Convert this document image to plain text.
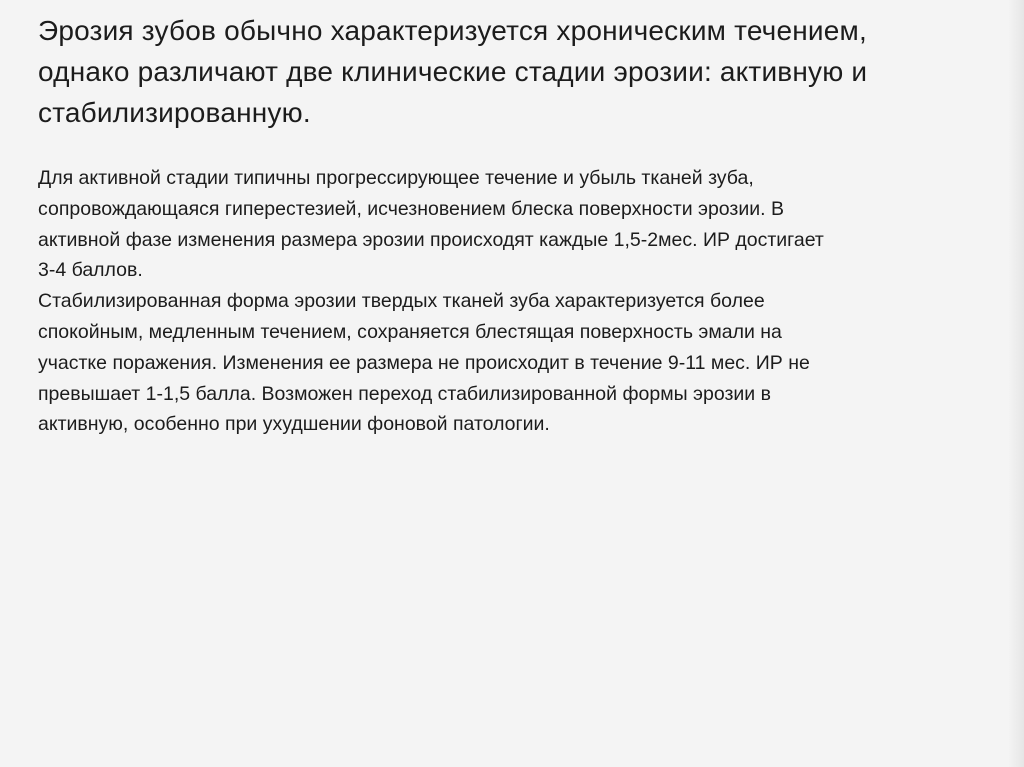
Эрозия зубов обычно характеризуется хроническим течением,
однако различают две клинические стадии эрозии: активную и
стабилизированную.
Для активной стадии типичны прогрессирующее течение и убыль тканей зуба,
сопровождающаяся гиперестезией, исчезновением блеска поверхности эрозии. В
активной фазе изменения размера эрозии происходят каждые 1,5-2мес. ИР достигает
3-4 баллов.
Стабилизированная форма эрозии твердых тканей зуба характеризуется более
спокойным, медленным течением, сохраняется блестящая поверхность эмали на
участке поражения. Изменения ее размера не происходит в течение 9-11 мес. ИР не
превышает 1-1,5 балла. Возможен переход стабилизированной формы эрозии в
активную, особенно при ухудшении фоновой патологии.
